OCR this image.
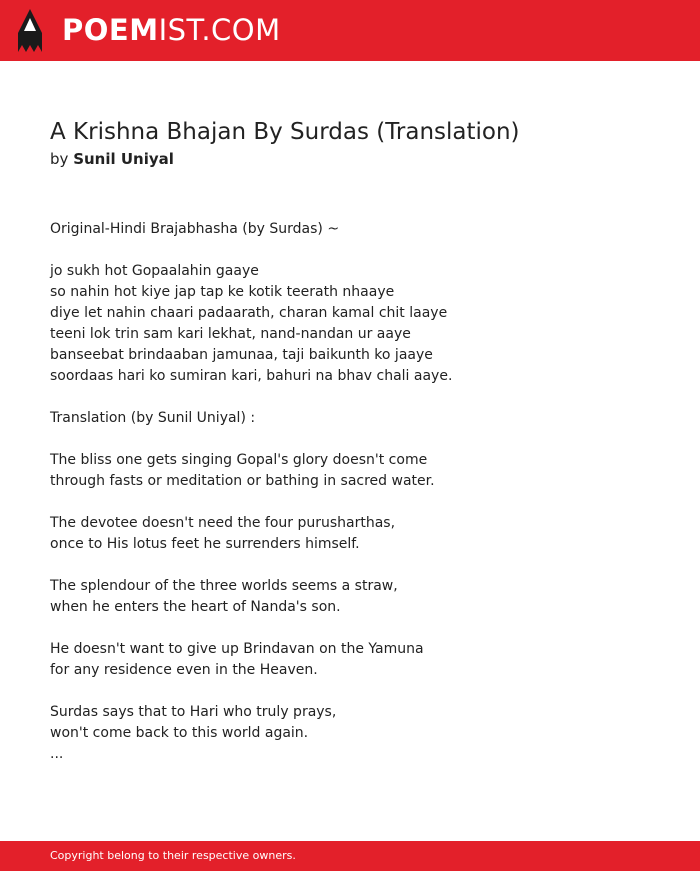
POEMIST.COM
A Krishna Bhajan By Surdas (Translation)
by Sunil Uniyal
Original-Hindi Brajabhasha (by Surdas) ~
jo sukh hot Gopaalahin gaaye
so nahin hot kiye jap tap ke kotik teerath nhaaye
diye let nahin chaari padaarath, charan kamal chit laaye
teeni lok trin sam kari lekhat, nand-nandan ur aaye
banseebat brindaaban jamunaa, taji baikunth ko jaaye
soordaas hari ko sumiran kari, bahuri na bhav chali aaye.
Translation (by Sunil Uniyal) :
The bliss one gets singing Gopal's glory doesn't come
through fasts or meditation or bathing in sacred water.
The devotee doesn't need the four purusharthas,
once to His lotus feet he surrenders himself.
The splendour of the three worlds seems a straw,
when he enters the heart of Nanda's son.
He doesn't want to give up Brindavan on the Yamuna
for any residence even in the Heaven.
Surdas says that to Hari who truly prays,
won't come back to this world again.
...
Copyright belong to their respective owners.
